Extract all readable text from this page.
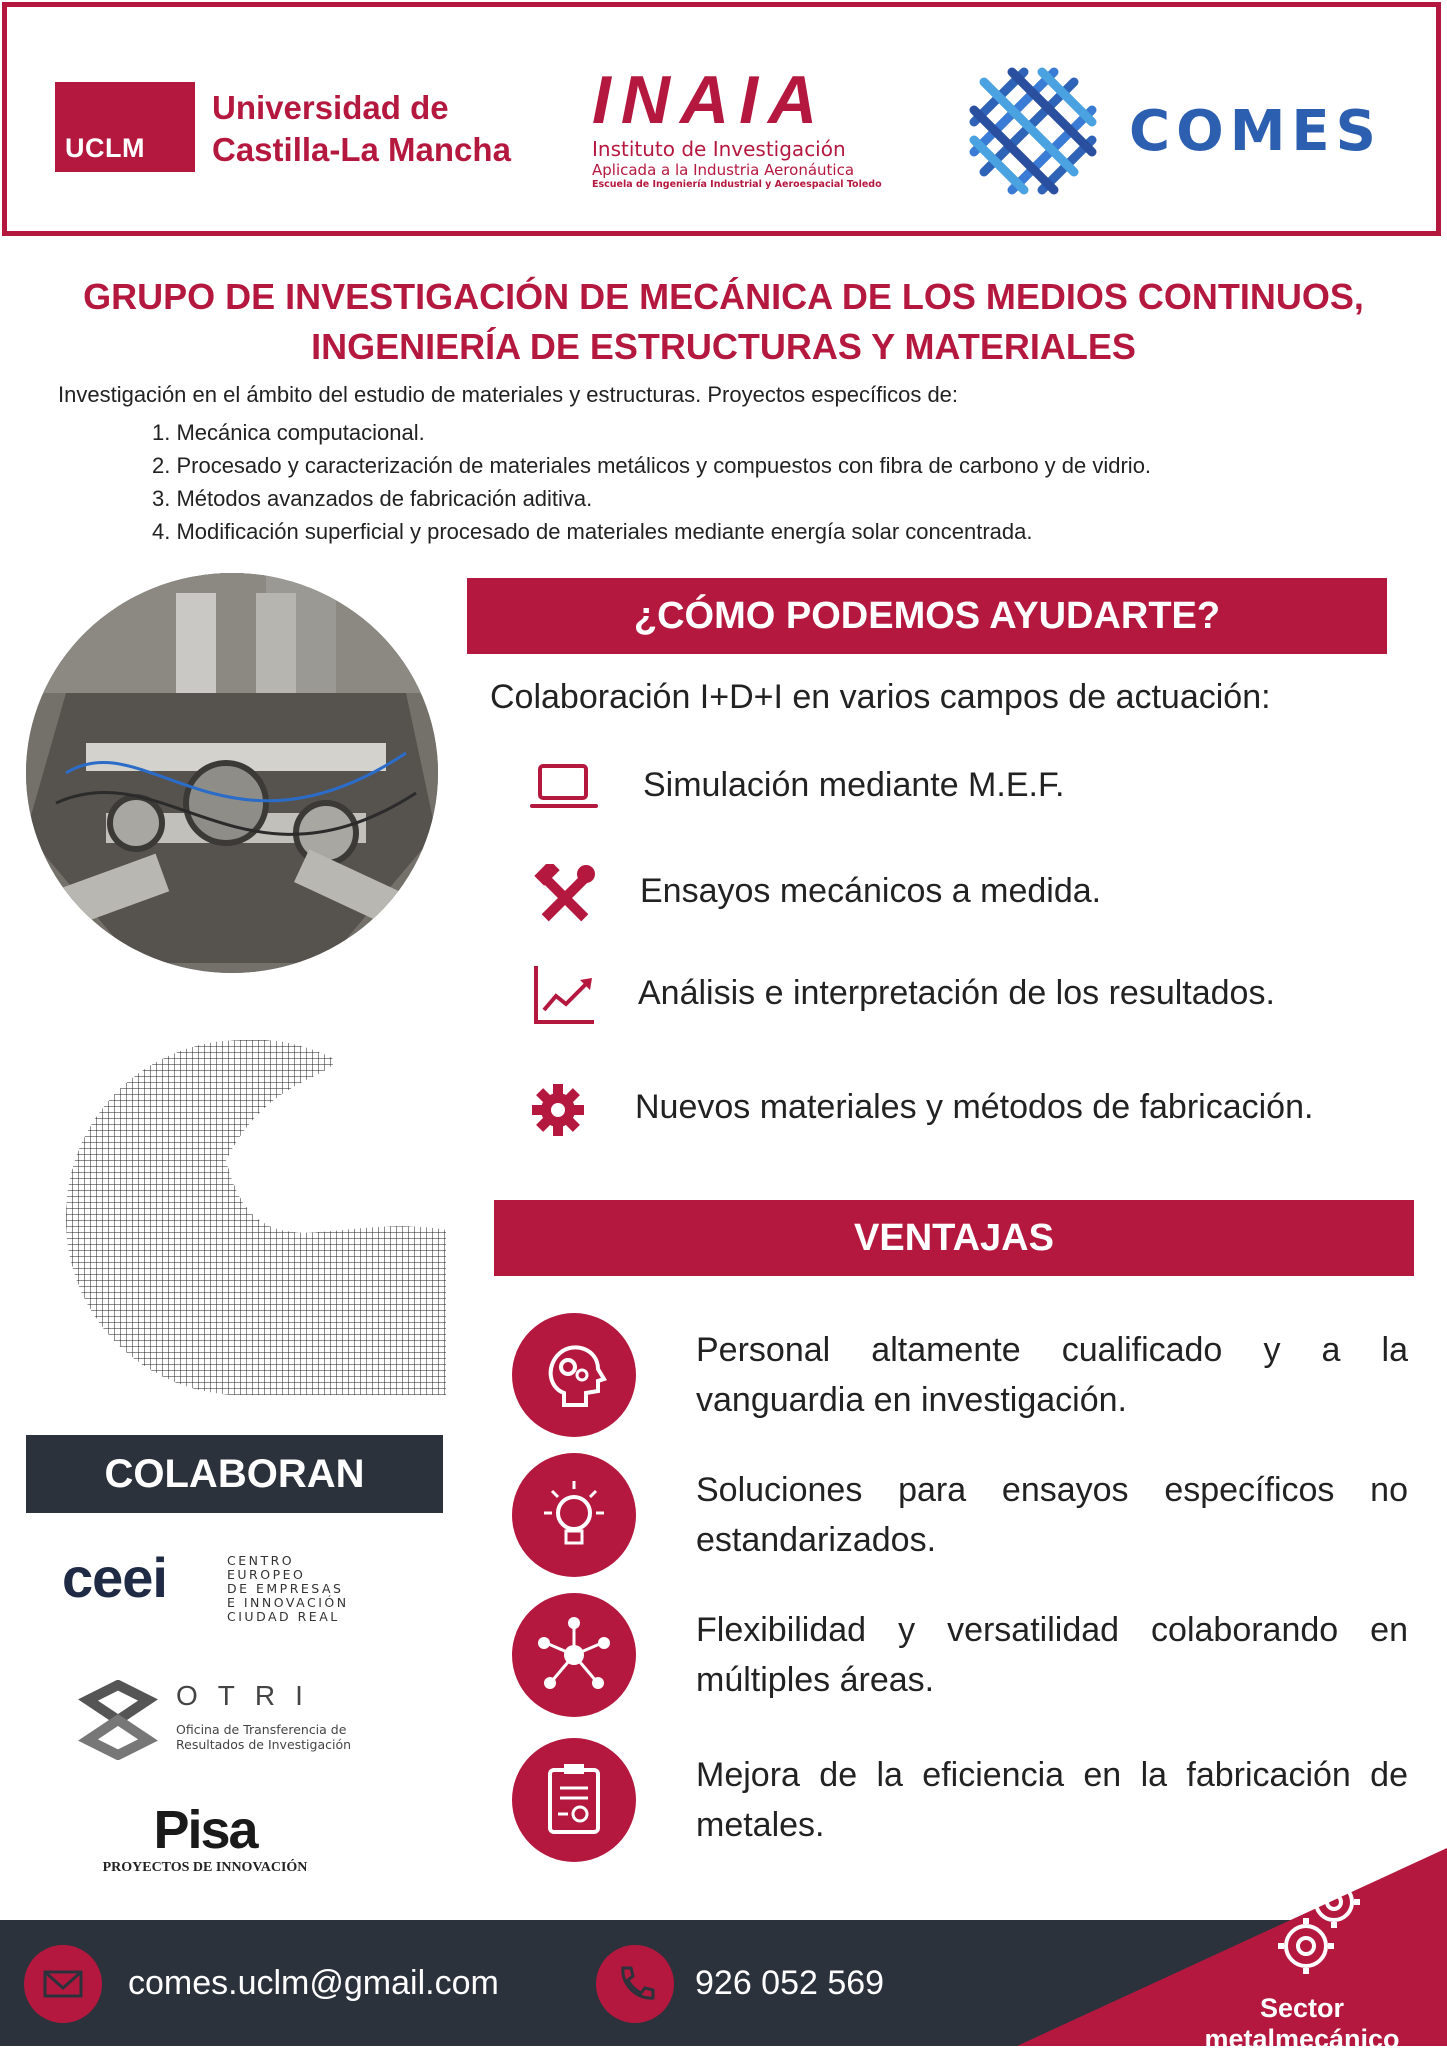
UCLM
Universidad de
Castilla-La Mancha
INAIA
Instituto de Investigación
Aplicada a la Industria Aeronáutica
Escuela de Ingeniería Industrial y Aeroespacial Toledo
COMES
GRUPO DE INVESTIGACIÓN DE MECÁNICA DE LOS MEDIOS CONTINUOS,
INGENIERÍA DE ESTRUCTURAS Y MATERIALES
Investigación en el ámbito del estudio de materiales y estructuras. Proyectos específicos de:
1. Mecánica computacional.
2. Procesado y caracterización de materiales metálicos y compuestos con fibra de carbono y de vidrio.
3. Métodos avanzados de fabricación aditiva.
4. Modificación superficial y procesado de materiales mediante energía solar concentrada.
COLABORAN
ceei	CENTRO EUROPEO
DE EMPRESAS
E INNOVACIÓN
CIUDAD REAL
OTRI
Oficina de Transferencia de
Resultados de Investigación
Pisa
PROYECTOS DE INNOVACIÓN
¿CÓMO PODEMOS AYUDARTE?
Colaboración I+D+I en varios campos de actuación:
Simulación mediante M.E.F.
Ensayos mecánicos a medida.
Análisis e interpretación de los resultados.
Nuevos materiales y métodos de fabricación.
VENTAJAS
Personal altamente cualificado y a la vanguardia en investigación.
Soluciones para ensayos específicos no estandarizados.
Flexibilidad y versatilidad colaborando en múltiples áreas.
Mejora de la eficiencia en la fabricación de metales.
comes.uclm@gmail.com	926 052 569
Sector metalmecánico
